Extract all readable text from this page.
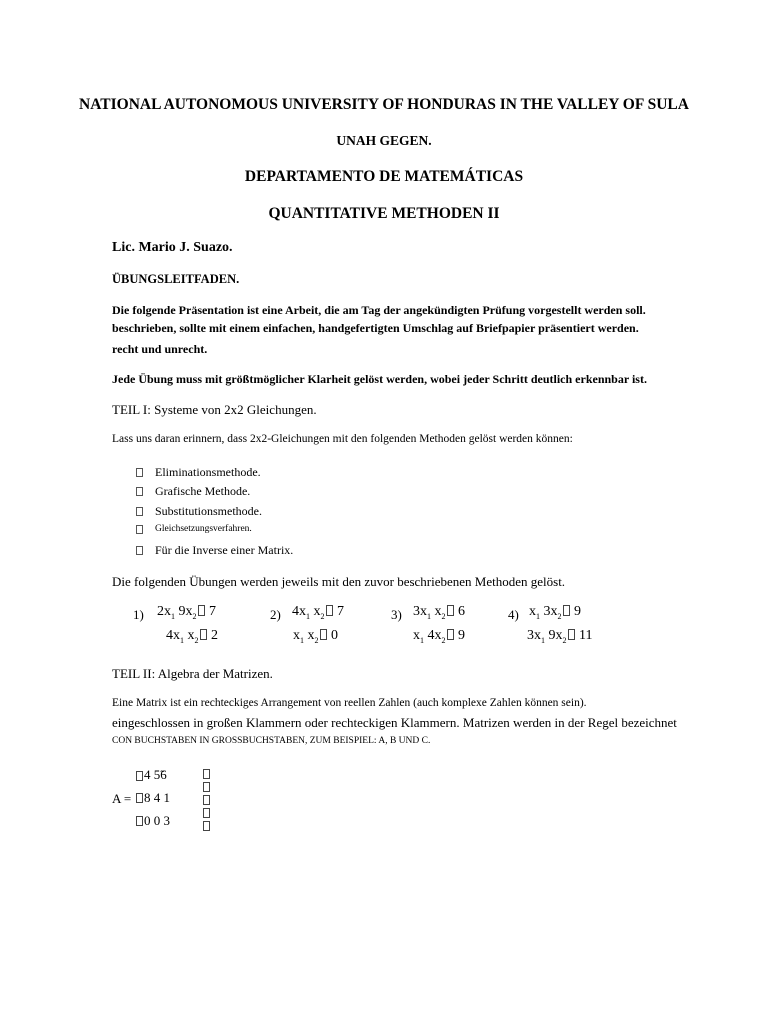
NATIONAL AUTONOMOUS UNIVERSITY OF HONDURAS IN THE VALLEY OF SULA
UNAH GEGEN.
DEPARTAMENTO DE MATEMÁTICAS
QUANTITATIVE METHODEN II
Lic. Mario J. Suazo.
ÜBUNGSLEITFADEN.
Die folgende Präsentation ist eine Arbeit, die am Tag der angekündigten Prüfung vorgestellt werden soll.
beschrieben, sollte mit einem einfachen, handgefertigten Umschlag auf Briefpapier präsentiert werden.
recht und unrecht.
Jede Übung muss mit größtmöglicher Klarheit gelöst werden, wobei jeder Schritt deutlich erkennbar ist.
TEIL I: Systeme von 2x2 Gleichungen.
Lass uns daran erinnern, dass 2x2-Gleichungen mit den folgenden Methoden gelöst werden können:
Eliminationsmethode.
Grafische Methode.
Substitutionsmethode.
Gleichsetzungsverfahren.
Für die Inverse einer Matrix.
Die folgenden Übungen werden jeweils mit den zuvor beschriebenen Methoden gelöst.
1) $2x_1$ $9x_2$ 7
$4x_1$ $x_2$ 2
2) $4x_1$ $x_2$ 7
$x_1$ $x_2$ 0
3) $3x_1$ $x_2$ 6
$x_1$ $4x_2$ 9
4) $x_1$ $3x_2$ 9
$3x_1$ $9x_2$ 11
TEIL II: Algebra der Matrizen.
Eine Matrix ist ein rechteckiges Arrangement von reellen Zahlen (auch komplexe Zahlen können sein).
eingeschlossen in großen Klammern oder rechteckigen Klammern. Matrizen werden in der Regel bezeichnet
CON BUCHSTABEN IN GROSSBUCHSTABEN, ZUM BEISPIEL: A, B UND C.
A =
4 5̃6
8 4 1
0 0 3
